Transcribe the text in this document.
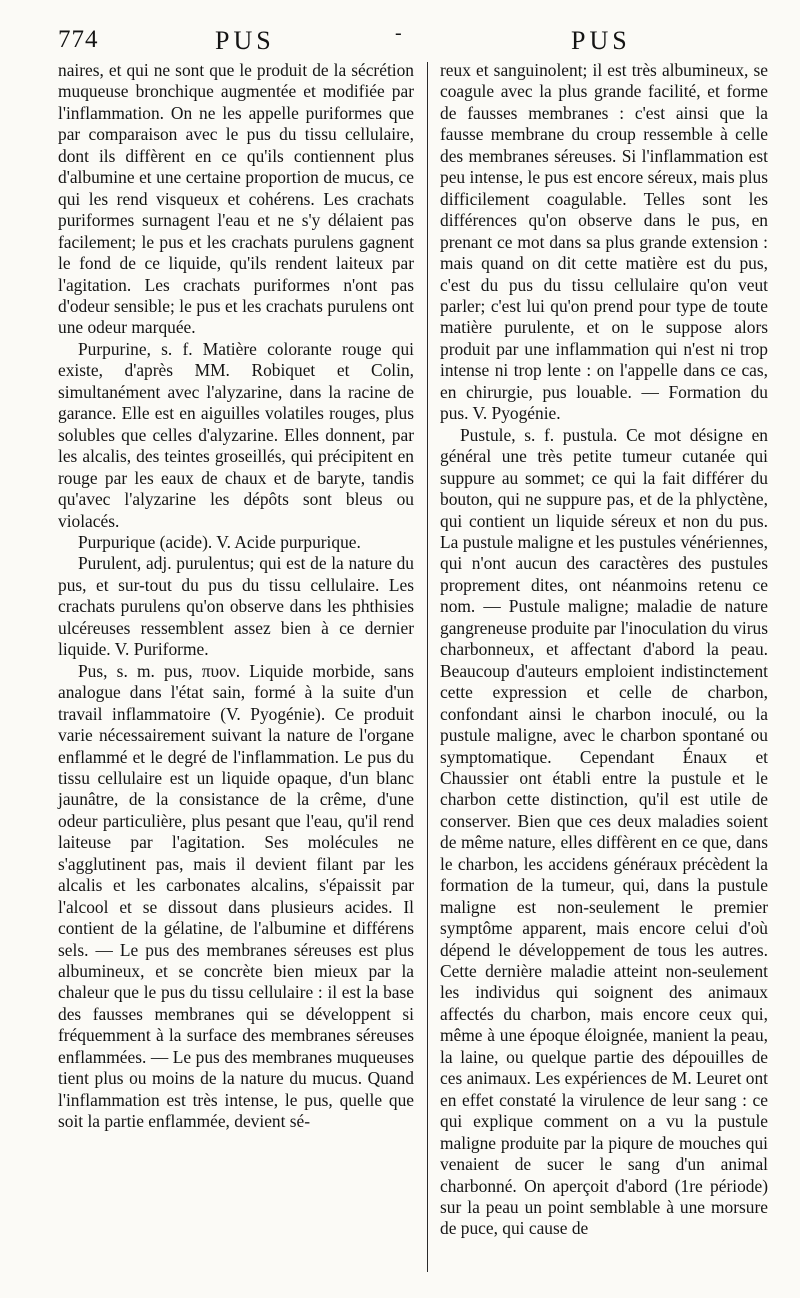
774	PUS	-	PUS

naires, et qui ne sont que le produit de la sécrétion muqueuse bronchique augmentée et modifiée par l'inflammation. On ne les appelle puriformes que par comparaison avec le pus du tissu cellulaire, dont ils diffèrent en ce qu'ils contiennent plus d'albumine et une certaine proportion de mucus, ce qui les rend visqueux et cohérens. Les crachats puriformes surnagent l'eau et ne s'y délaient pas facilement; le pus et les crachats purulens gagnent le fond de ce liquide, qu'ils rendent laiteux par l'agitation. Les crachats puriformes n'ont pas d'odeur sensible; le pus et les crachats purulens ont une odeur marquée.

Purpurine, s. f. Matière colorante rouge qui existe, d'après MM. Robiquet et Colin, simultanément avec l'alyzarine, dans la racine de garance. Elle est en aiguilles volatiles rouges, plus solubles que celles d'alyzarine. Elles donnent, par les alcalis, des teintes groseillés, qui précipitent en rouge par les eaux de chaux et de baryte, tandis qu'avec l'alyzarine les dépôts sont bleus ou violacés.

Purpurique (acide). V. Acide purpurique.

Purulent, adj. purulentus; qui est de la nature du pus, et sur-tout du pus du tissu cellulaire. Les crachats purulens qu'on observe dans les phthisies ulcéreuses ressemblent assez bien à ce dernier liquide. V. Puriforme.

Pus, s. m. pus, πυον. Liquide morbide, sans analogue dans l'état sain, formé à la suite d'un travail inflammatoire (V. Pyogénie). Ce produit varie nécessairement suivant la nature de l'organe enflammé et le degré de l'inflammation. Le pus du tissu cellulaire est un liquide opaque, d'un blanc jaunâtre, de la consistance de la crême, d'une odeur particulière, plus pesant que l'eau, qu'il rend laiteuse par l'agitation. Ses molécules ne s'agglutinent pas, mais il devient filant par les alcalis et les carbonates alcalins, s'épaissit par l'alcool et se dissout dans plusieurs acides. Il contient de la gélatine, de l'albumine et différens sels. — Le pus des membranes séreuses est plus albumineux, et se concrète bien mieux par la chaleur que le pus du tissu cellulaire : il est la base des fausses membranes qui se développent si fréquemment à la surface des membranes séreuses enflammées. — Le pus des membranes muqueuses tient plus ou moins de la nature du mucus. Quand l'inflammation est très intense, le pus, quelle que soit la partie enflammée, devient sé-

reux et sanguinolent; il est très albumineux, se coagule avec la plus grande facilité, et forme de fausses membranes : c'est ainsi que la fausse membrane du croup ressemble à celle des membranes séreuses. Si l'inflammation est peu intense, le pus est encore séreux, mais plus difficilement coagulable. Telles sont les différences qu'on observe dans le pus, en prenant ce mot dans sa plus grande extension : mais quand on dit cette matière est du pus, c'est du pus du tissu cellulaire qu'on veut parler; c'est lui qu'on prend pour type de toute matière purulente, et on le suppose alors produit par une inflammation qui n'est ni trop intense ni trop lente : on l'appelle dans ce cas, en chirurgie, pus louable. — Formation du pus. V. Pyogénie.

Pustule, s. f. pustula. Ce mot désigne en général une très petite tumeur cutanée qui suppure au sommet; ce qui la fait différer du bouton, qui ne suppure pas, et de la phlyctène, qui contient un liquide séreux et non du pus. La pustule maligne et les pustules vénériennes, qui n'ont aucun des caractères des pustules proprement dites, ont néanmoins retenu ce nom. — Pustule maligne; maladie de nature gangreneuse produite par l'inoculation du virus charbonneux, et affectant d'abord la peau. Beaucoup d'auteurs emploient indistinctement cette expression et celle de charbon, confondant ainsi le charbon inoculé, ou la pustule maligne, avec le charbon spontané ou symptomatique. Cependant Énaux et Chaussier ont établi entre la pustule et le charbon cette distinction, qu'il est utile de conserver. Bien que ces deux maladies soient de même nature, elles diffèrent en ce que, dans le charbon, les accidens généraux précèdent la formation de la tumeur, qui, dans la pustule maligne est non-seulement le premier symptôme apparent, mais encore celui d'où dépend le développement de tous les autres. Cette dernière maladie atteint non-seulement les individus qui soignent des animaux affectés du charbon, mais encore ceux qui, même à une époque éloignée, manient la peau, la laine, ou quelque partie des dépouilles de ces animaux. Les expériences de M. Leuret ont en effet constaté la virulence de leur sang : ce qui explique comment on a vu la pustule maligne produite par la piqure de mouches qui venaient de sucer le sang d'un animal charbonné. On aperçoit d'abord (1re période) sur la peau un point semblable à une morsure de puce, qui cause de
